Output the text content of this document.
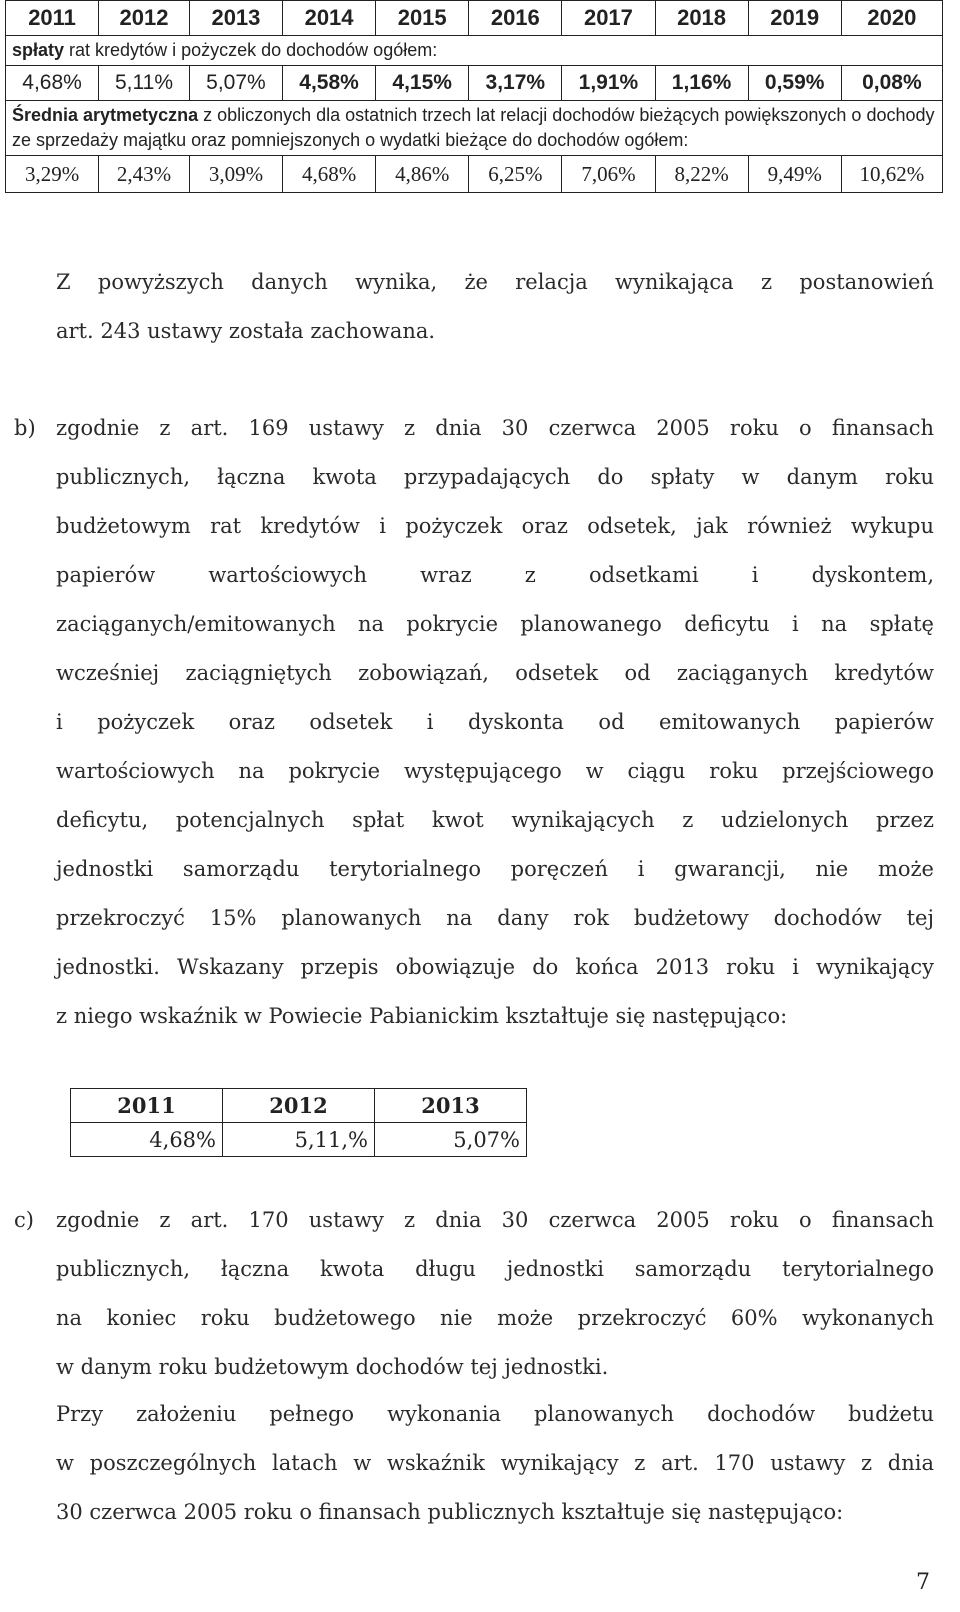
2011	2012	2013	2014	2015	2016	2017	2018	2019	2020
spłaty rat kredytów i pożyczek do dochodów ogółem:									
4,68%	5,11%	5,07%	4,58%	4,15%	3,17%	1,91%	1,16%	0,59%	0,08%
Średnia arytmetyczna z obliczonych dla ostatnich trzech lat relacji dochodów bieżących powiększonych o dochody ze sprzedaży majątku oraz pomniejszonych o wydatki bieżące do dochodów ogółem:									
3,29%	2,43%	3,09%	4,68%	4,86%	6,25%	7,06%	8,22%	9,49%	10,62%
Z powyższych danych wynika, że relacja wynikająca z postanowień
art. 243 ustawy została zachowana.
b) zgodnie z art. 169 ustawy z dnia 30 czerwca 2005 roku o finansach
publicznych, łączna kwota przypadających do spłaty w danym roku
budżetowym rat kredytów i pożyczek oraz odsetek, jak również wykupu
papierów wartościowych wraz z odsetkami i dyskontem,
zaciąganych/emitowanych na pokrycie planowanego deficytu i na spłatę
wcześniej zaciągniętych zobowiązań, odsetek od zaciąganych kredytów
i pożyczek oraz odsetek i dyskonta od emitowanych papierów
wartościowych na pokrycie występującego w ciągu roku przejściowego
deficytu, potencjalnych spłat kwot wynikających z udzielonych przez
jednostki samorządu terytorialnego poręczeń i gwarancji, nie może
przekroczyć 15% planowanych na dany rok budżetowy dochodów tej
jednostki. Wskazany przepis obowiązuje do końca 2013 roku i wynikający
z niego wskaźnik w Powiecie Pabianickim kształtuje się następująco:
2011	2012	2013
4,68%	5,11,%	5,07%
c) zgodnie z art. 170 ustawy z dnia 30 czerwca 2005 roku o finansach
publicznych, łączna kwota długu jednostki samorządu terytorialnego
na koniec roku budżetowego nie może przekroczyć 60% wykonanych
w danym roku budżetowym dochodów tej jednostki.
Przy założeniu pełnego wykonania planowanych dochodów budżetu
w poszczególnych latach w wskaźnik wynikający z art. 170 ustawy z dnia
30 czerwca 2005 roku o finansach publicznych kształtuje się następująco:
7
